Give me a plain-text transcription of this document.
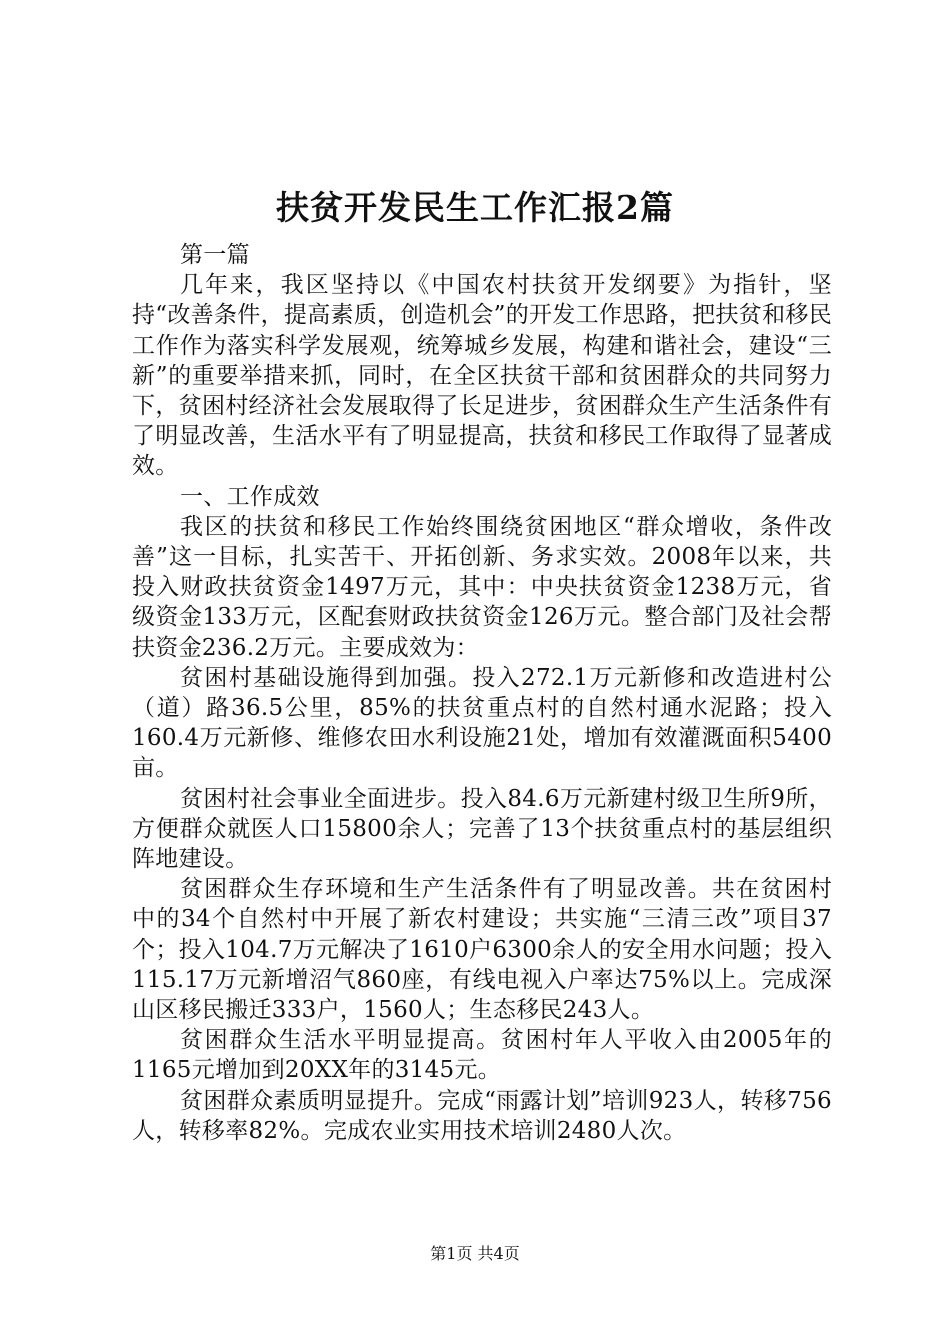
扶贫开发民生工作汇报2篇

第一篇

几年来，我区坚持以《中国农村扶贫开发纲要》为指针，坚持“改善条件，提高素质，创造机会”的开发工作思路，把扶贫和移民工作作为落实科学发展观，统筹城乡发展，构建和谐社会，建设“三新”的重要举措来抓，同时，在全区扶贫干部和贫困群众的共同努力下，贫困村经济社会发展取得了长足进步，贫困群众生产生活条件有了明显改善，生活水平有了明显提高，扶贫和移民工作取得了显著成效。

一、工作成效

我区的扶贫和移民工作始终围绕贫困地区“群众增收，条件改善”这一目标，扎实苦干、开拓创新、务求实效。2008年以来，共投入财政扶贫资金1497万元，其中：中央扶贫资金1238万元，省级资金133万元，区配套财政扶贫资金126万元。整合部门及社会帮扶资金236.2万元。主要成效为：

贫困村基础设施得到加强。投入272.1万元新修和改造进村公（道）路36.5公里，85%的扶贫重点村的自然村通水泥路；投入160.4万元新修、维修农田水利设施21处，增加有效灌溉面积5400亩。

贫困村社会事业全面进步。投入84.6万元新建村级卫生所9所，方便群众就医人口15800余人；完善了13个扶贫重点村的基层组织阵地建设。

贫困群众生存环境和生产生活条件有了明显改善。共在贫困村中的34个自然村中开展了新农村建设；共实施“三清三改”项目37个；投入104.7万元解决了1610户6300余人的安全用水问题；投入115.17万元新增沼气860座，有线电视入户率达75%以上。完成深山区移民搬迁333户，1560人；生态移民243人。

贫困群众生活水平明显提高。贫困村年人平收入由2005年的1165元增加到20XX年的3145元。

贫困群众素质明显提升。完成“雨露计划”培训923人，转移756人，转移率82%。完成农业实用技术培训2480人次。

第1页 共4页
